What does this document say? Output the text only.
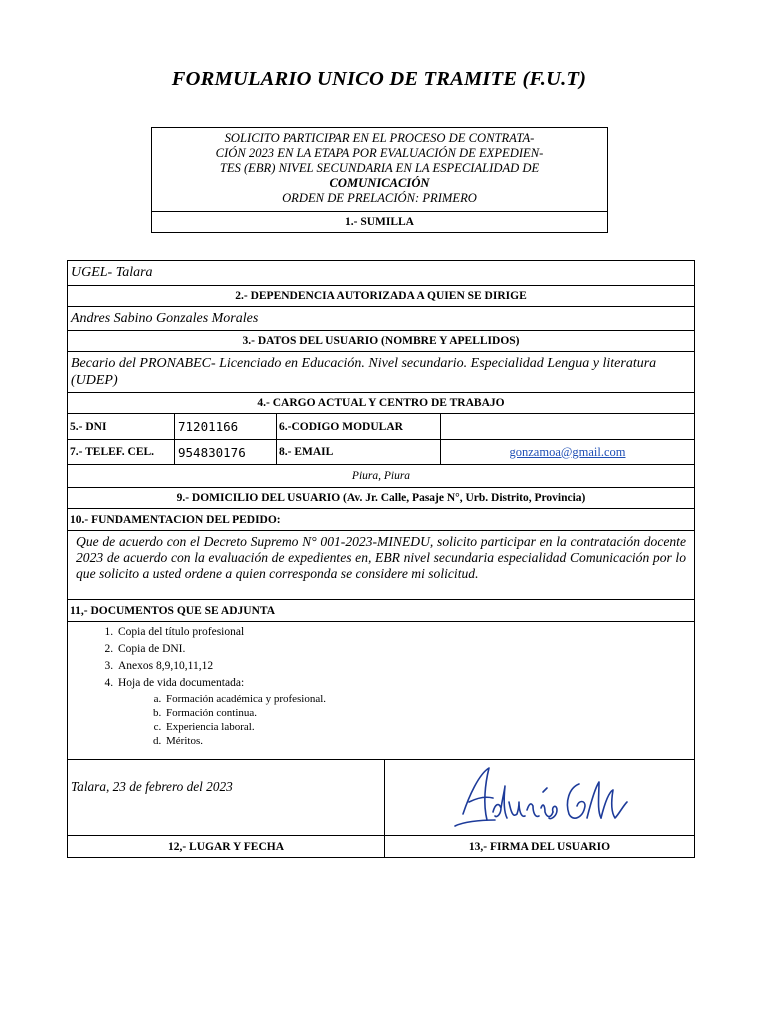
FORMULARIO UNICO DE TRAMITE (F.U.T)
SOLICITO PARTICIPAR EN EL PROCESO DE CONTRATA-
CIÓN 2023 EN LA ETAPA POR EVALUACIÓN DE EXPEDIEN-
TES (EBR) NIVEL SECUNDARIA EN LA ESPECIALIDAD DE
COMUNICACIÓN
ORDEN DE PRELACIÓN: PRIMERO
1.- SUMILLA
UGEL- Talara
2.- DEPENDENCIA AUTORIZADA A QUIEN SE DIRIGE
Andres Sabino Gonzales Morales
3.- DATOS DEL USUARIO (NOMBRE Y APELLIDOS)
Becario del PRONABEC- Licenciado en Educación. Nivel secundario. Especialidad Lengua y literatura (UDEP)
4.- CARGO ACTUAL Y CENTRO DE TRABAJO
5.- DNI	71201166	6.-CODIGO MODULAR
7.- TELEF. CEL.	954830176	8.- EMAIL	gonzamoa@gmail.com
Piura, Piura
9.- DOMICILIO DEL USUARIO (Av. Jr. Calle, Pasaje N°, Urb. Distrito, Provincia)
10.- FUNDAMENTACION DEL PEDIDO:
Que de acuerdo con el Decreto Supremo N° 001-2023-MINEDU, solicito participar en la contratación docente 2023 de acuerdo con la evaluación de expedientes en, EBR nivel secundaria especialidad Comunicación por lo que solicito a usted ordene a quien corresponda se considere mi solicitud.
11,- DOCUMENTOS QUE SE ADJUNTA
1. Copia del título profesional
2. Copia de DNI.
3. Anexos 8,9,10,11,12
4. Hoja de vida documentada:
a. Formación académica y profesional.
b. Formación continua.
c. Experiencia laboral.
d. Méritos.
Talara, 23 de febrero del 2023
12,- LUGAR Y FECHA	13,- FIRMA DEL USUARIO
